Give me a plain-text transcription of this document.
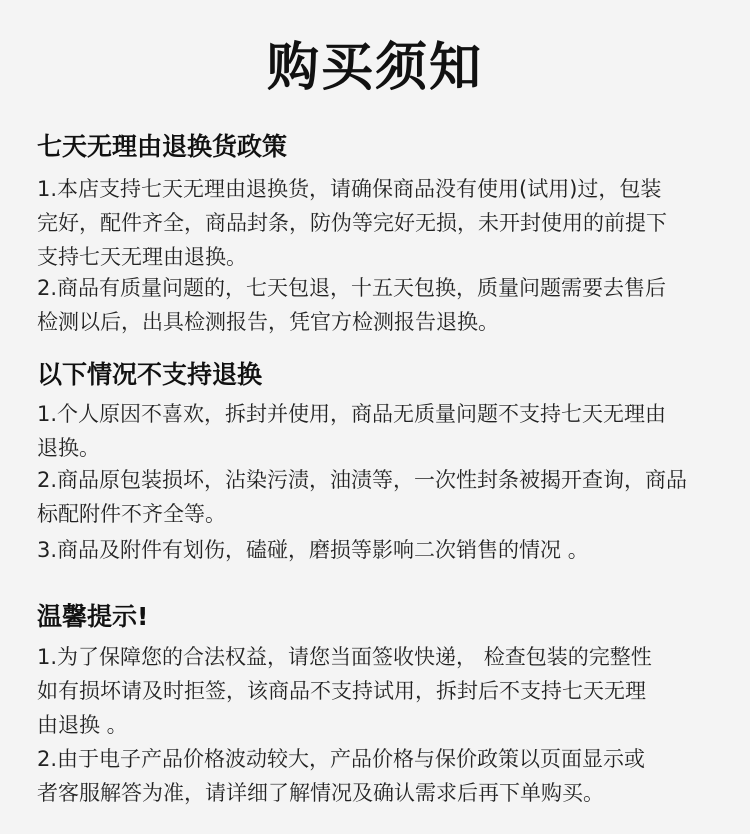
购买须知
七天无理由退换货政策
1.本店支持七天无理由退换货，请确保商品没有使用(试用)过，包装
完好，配件齐全，商品封条，防伪等完好无损，未开封使用的前提下
支持七天无理由退换。
2.商品有质量问题的，七天包退，十五天包换，质量问题需要去售后
检测以后，出具检测报告，凭官方检测报告退换。
以下情况不支持退换
1.个人原因不喜欢，拆封并使用，商品无质量问题不支持七天无理由
退换。
2.商品原包装损坏，沾染污渍，油渍等，一次性封条被揭开查询，商品
标配附件不齐全等。
3.商品及附件有划伤，磕碰，磨损等影响二次销售的情况 。
温馨提示!
1.为了保障您的合法权益，请您当面签收快递， 检查包装的完整性
如有损坏请及时拒签，该商品不支持试用，拆封后不支持七天无理
由退换 。
2.由于电子产品价格波动较大，产品价格与保价政策以页面显示或
者客服解答为准，请详细了解情况及确认需求后再下单购买。
